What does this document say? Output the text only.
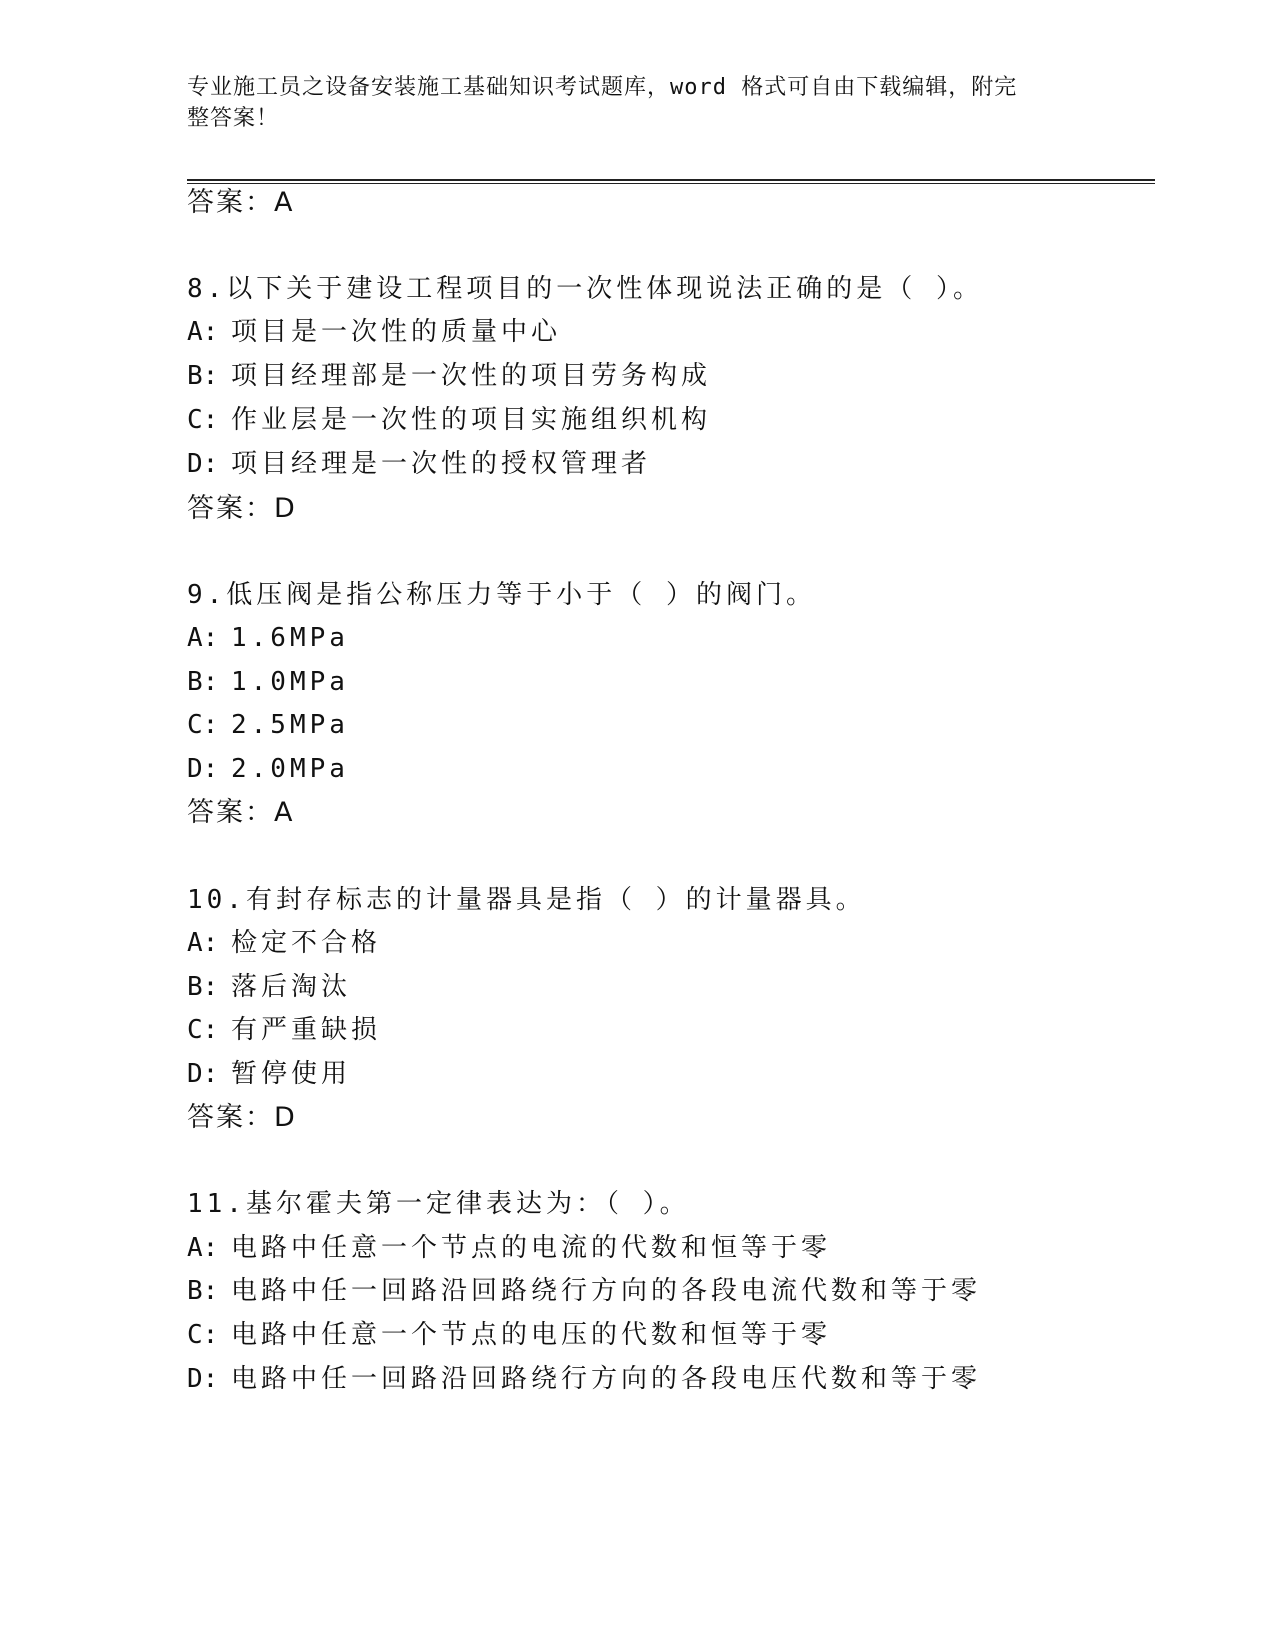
专业施工员之设备安装施工基础知识考试题库，word 格式可自由下载编辑，附完
整答案！
答案：A
8.以下关于建设工程项目的一次性体现说法正确的是（ ）。
A: 项目是一次性的质量中心
B: 项目经理部是一次性的项目劳务构成
C: 作业层是一次性的项目实施组织机构
D: 项目经理是一次性的授权管理者
答案：D
9.低压阀是指公称压力等于小于（ ）的阀门。
A: 1.6MPa
B: 1.0MPa
C: 2.5MPa
D: 2.0MPa
答案：A
10.有封存标志的计量器具是指（ ）的计量器具。
A: 检定不合格
B: 落后淘汰
C: 有严重缺损
D: 暂停使用
答案：D
11.基尔霍夫第一定律表达为：（ ）。
A: 电路中任意一个节点的电流的代数和恒等于零
B: 电路中任一回路沿回路绕行方向的各段电流代数和等于零
C: 电路中任意一个节点的电压的代数和恒等于零
D: 电路中任一回路沿回路绕行方向的各段电压代数和等于零
